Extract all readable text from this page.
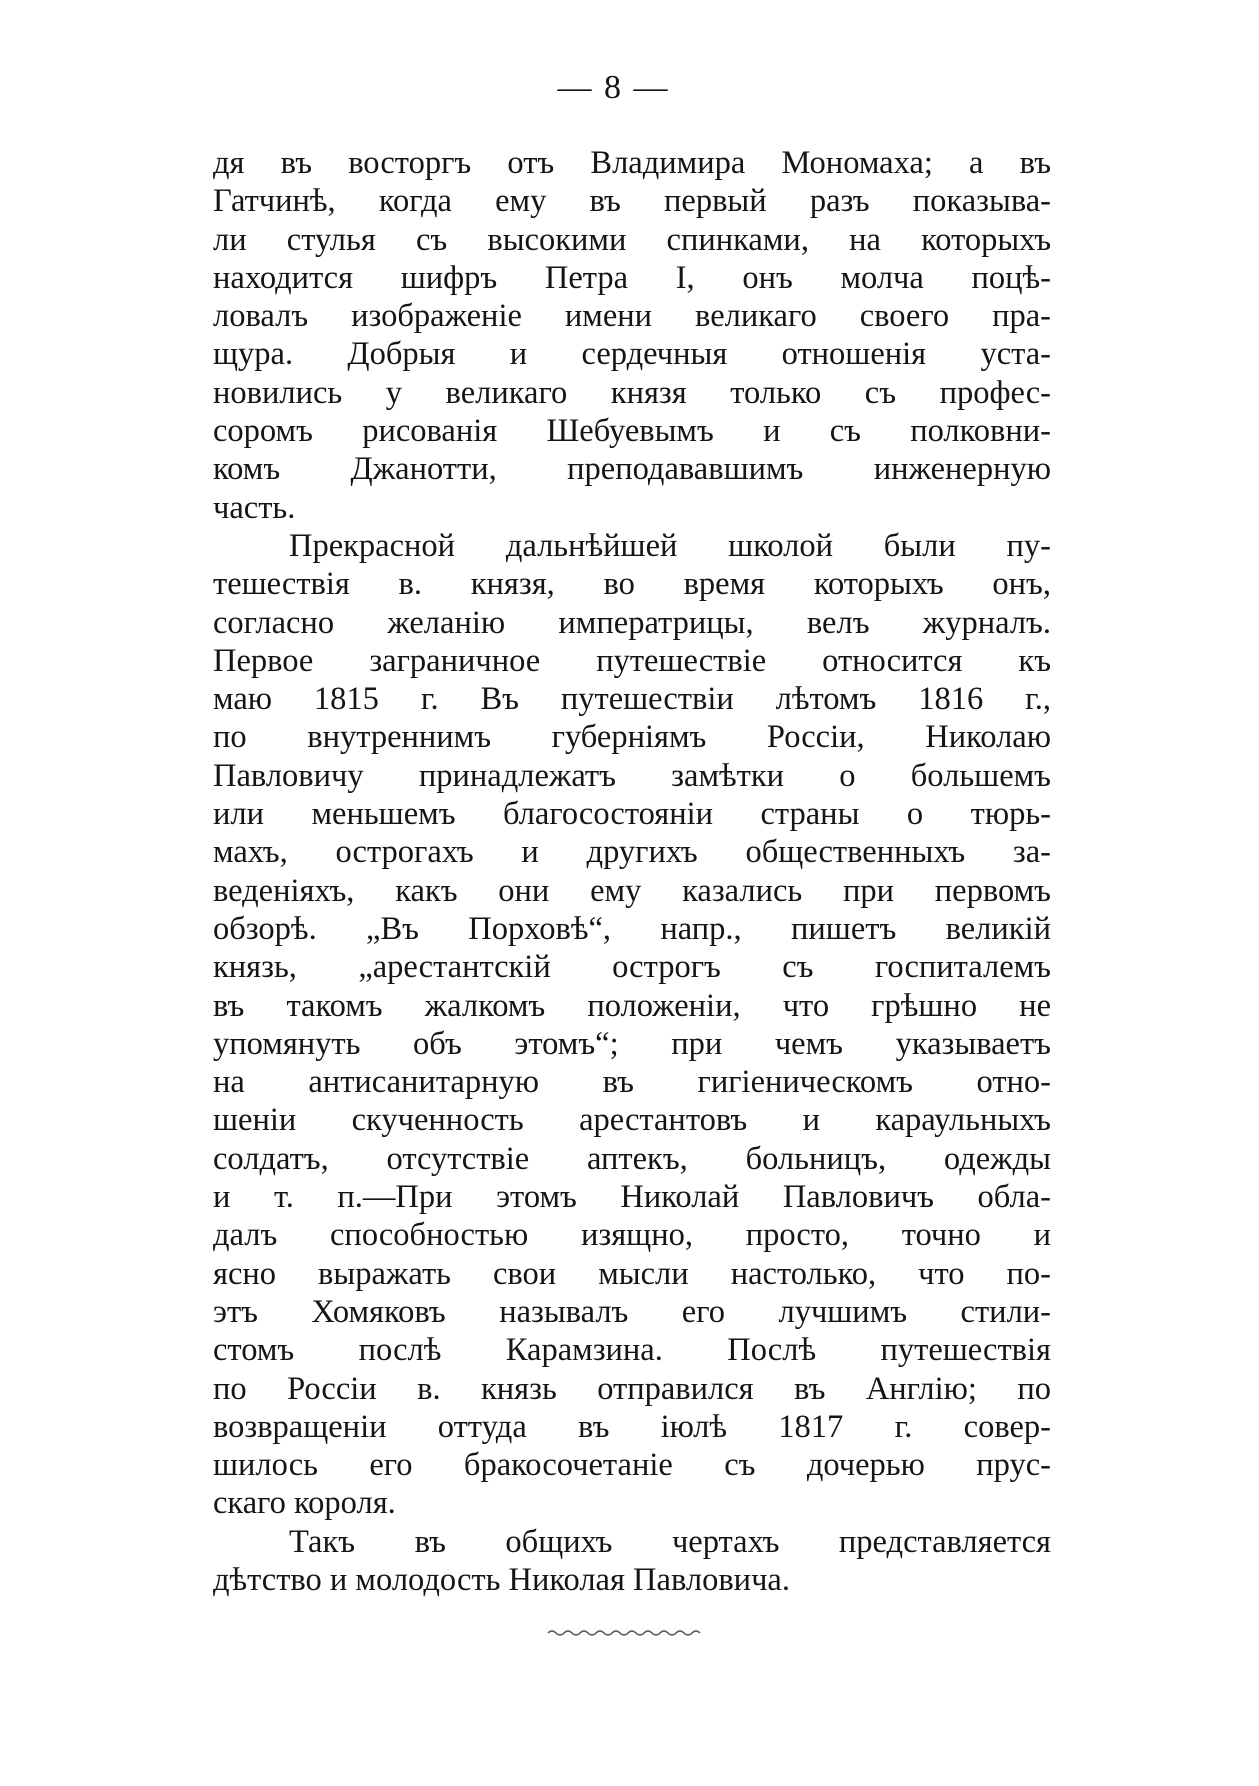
— 8 —
дя въ восторгъ отъ Владимира Мономаха; а въ
Гатчинѣ, когда ему въ первый разъ показыва-
ли стулья съ высокими спинками, на которыхъ
находится шифръ Петра I, онъ молча поцѣ-
ловалъ изображенiе имени великаго своего пра-
щура. Добрыя и сердечныя отношенiя уста-
новились у великаго князя только съ профес-
соромъ рисованiя Шебуевымъ и съ полковни-
комъ Джанотти, преподававшимъ инженерную
часть.
Прекрасной дальнѣйшей школой были пу-
тешествiя в. князя, во время которыхъ онъ,
согласно желанiю императрицы, велъ журналъ.
Первое заграничное путешествiе относится къ
маю 1815 г. Въ путешествiи лѣтомъ 1816 г.,
по внутреннимъ губернiямъ Россiи, Николаю
Павловичу принадлежатъ замѣтки о большемъ
или меньшемъ благосостоянiи страны о тюрь-
махъ, острогахъ и другихъ общественныхъ за-
веденiяхъ, какъ они ему казались при первомъ
обзорѣ. „Въ Порховѣ“, напр., пишетъ великiй
князь, „арестантскiй острогъ съ госпиталемъ
въ такомъ жалкомъ положенiи, что грѣшно не
упомянуть объ этомъ“; при чемъ указываетъ
на антисанитарную въ гигiеническомъ отно-
шенiи скученность арестантовъ и караульныхъ
солдатъ, отсутствiе аптекъ, больницъ, одежды
и т. п.—При этомъ Николай Павловичъ обла-
далъ способностью изящно, просто, точно и
ясно выражать свои мысли настолько, что по-
этъ Хомяковъ называлъ его лучшимъ стили-
стомъ послѣ Карамзина. Послѣ путешествiя
по Россiи в. князь отправился въ Англiю; по
возвращенiи оттуда въ iюлѣ 1817 г. совер-
шилось его бракосочетанiе съ дочерью прус-
скаго короля.
Такъ въ общихъ чертахъ представляется
дѣтство и молодость Николая Павловича.
